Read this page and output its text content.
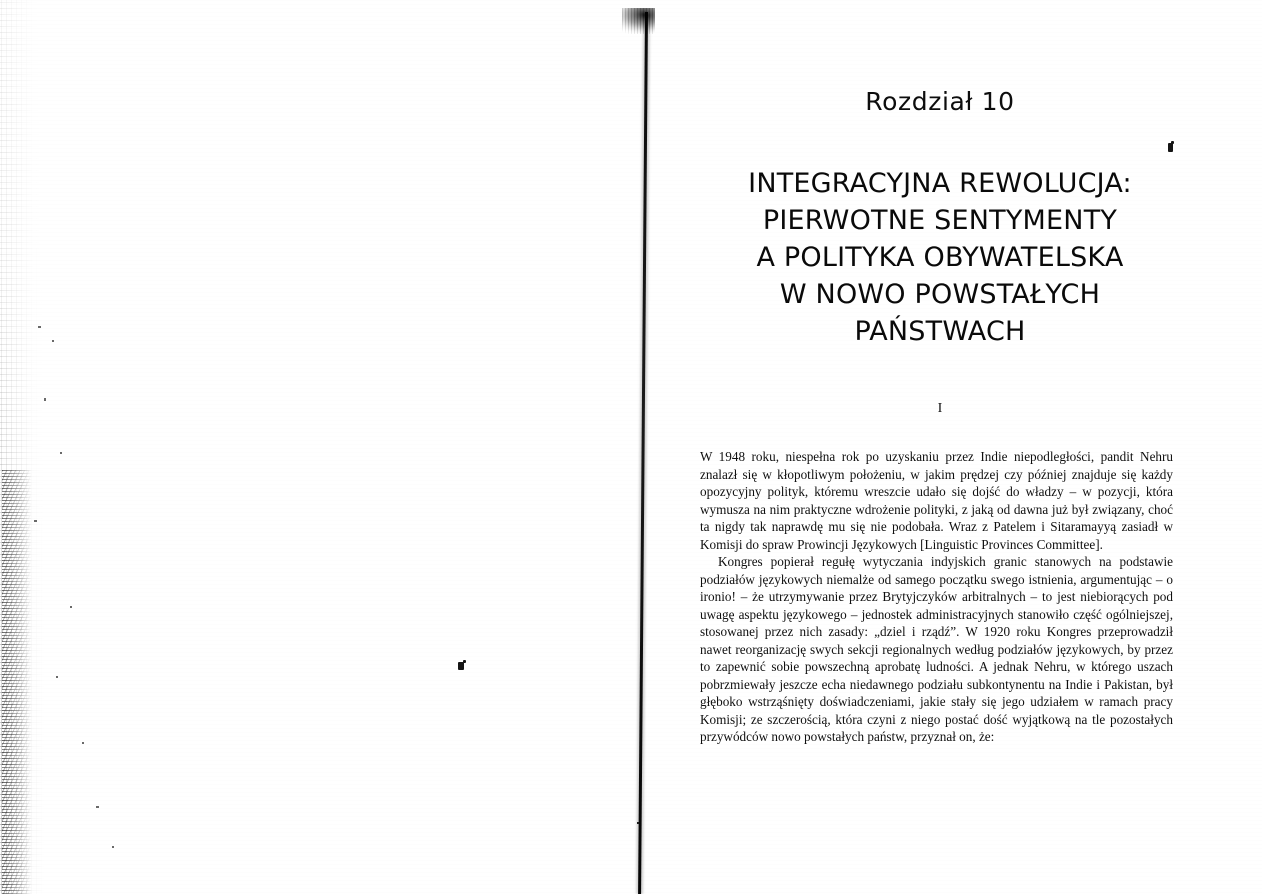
Rozdział 10
INTEGRACYJNA REWOLUCJA:
PIERWOTNE SENTYMENTY
A POLITYKA OBYWATELSKA
W NOWO POWSTAŁYCH
PAŃSTWACH
I

W 1948 roku, niespełna rok po uzyskaniu przez Indie niepodległości, pandit Nehru znalazł się w kłopotliwym położeniu, w jakim prędzej czy później znajduje się każdy opozycyjny polityk, któremu wreszcie udało się dojść do władzy – w pozycji, która wymusza na nim praktyczne wdrożenie polityki, z jaką od dawna już był związany, choć ta nigdy tak naprawdę mu się nie podobała. Wraz z Patelem i Sitaramayyą zasiadł w Komisji do spraw Prowincji Językowych [Linguistic Provinces Committee].

Kongres popierał regułę wytyczania indyjskich granic stanowych na podstawie podziałów językowych niemalże od samego początku swego istnienia, argumentując – o ironio! – że utrzymywanie przez Brytyjczyków arbitralnych – to jest niebiorących pod uwagę aspektu językowego – jednostek administracyjnych stanowiło część ogólniejszej, stosowanej przez nich zasady: „dziel i rządź”. W 1920 roku Kongres przeprowadził nawet reorganizację swych sekcji regionalnych według podziałów językowych, by przez to zapewnić sobie powszechną aprobatę ludności. A jednak Nehru, w którego uszach pobrzmiewały jeszcze echa niedawnego podziału subkontynentu na Indie i Pakistan, był głęboko wstrząśnięty doświadczeniami, jakie stały się jego udziałem w ramach pracy Komisji; ze szczerością, która czyni z niego postać dość wyjątkową na tle pozostałych przywódców nowo powstałych państw, przyznał on, że:
